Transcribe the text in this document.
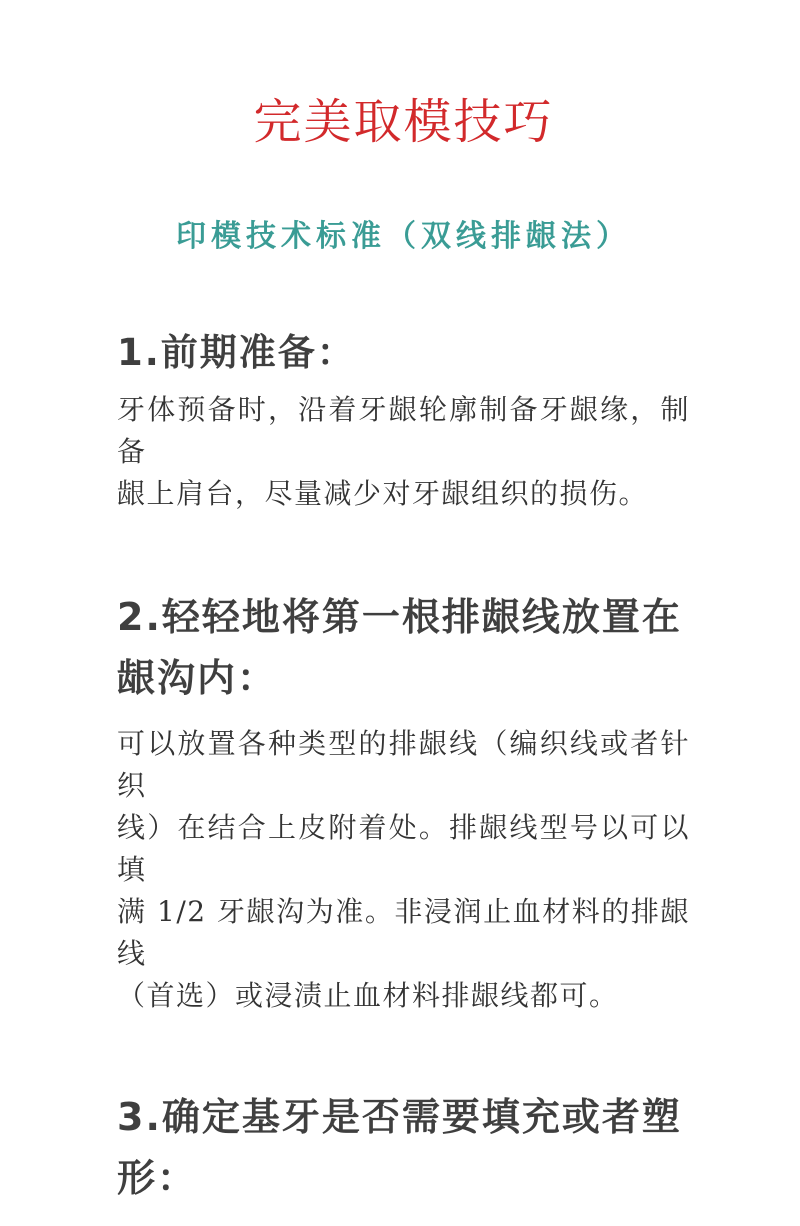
完美取模技巧
印模技术标准（双线排龈法）
1.前期准备：
牙体预备时，沿着牙龈轮廓制备牙龈缘，制备
龈上肩台，尽量减少对牙龈组织的损伤。
2.轻轻地将第一根排龈线放置在
龈沟内：
可以放置各种类型的排龈线（编织线或者针织
线）在结合上皮附着处。排龈线型号以可以填
满 1/2 牙龈沟为准。非浸润止血材料的排龈线
（首选）或浸渍止血材料排龈线都可。
3.确定基牙是否需要填充或者塑
形：
